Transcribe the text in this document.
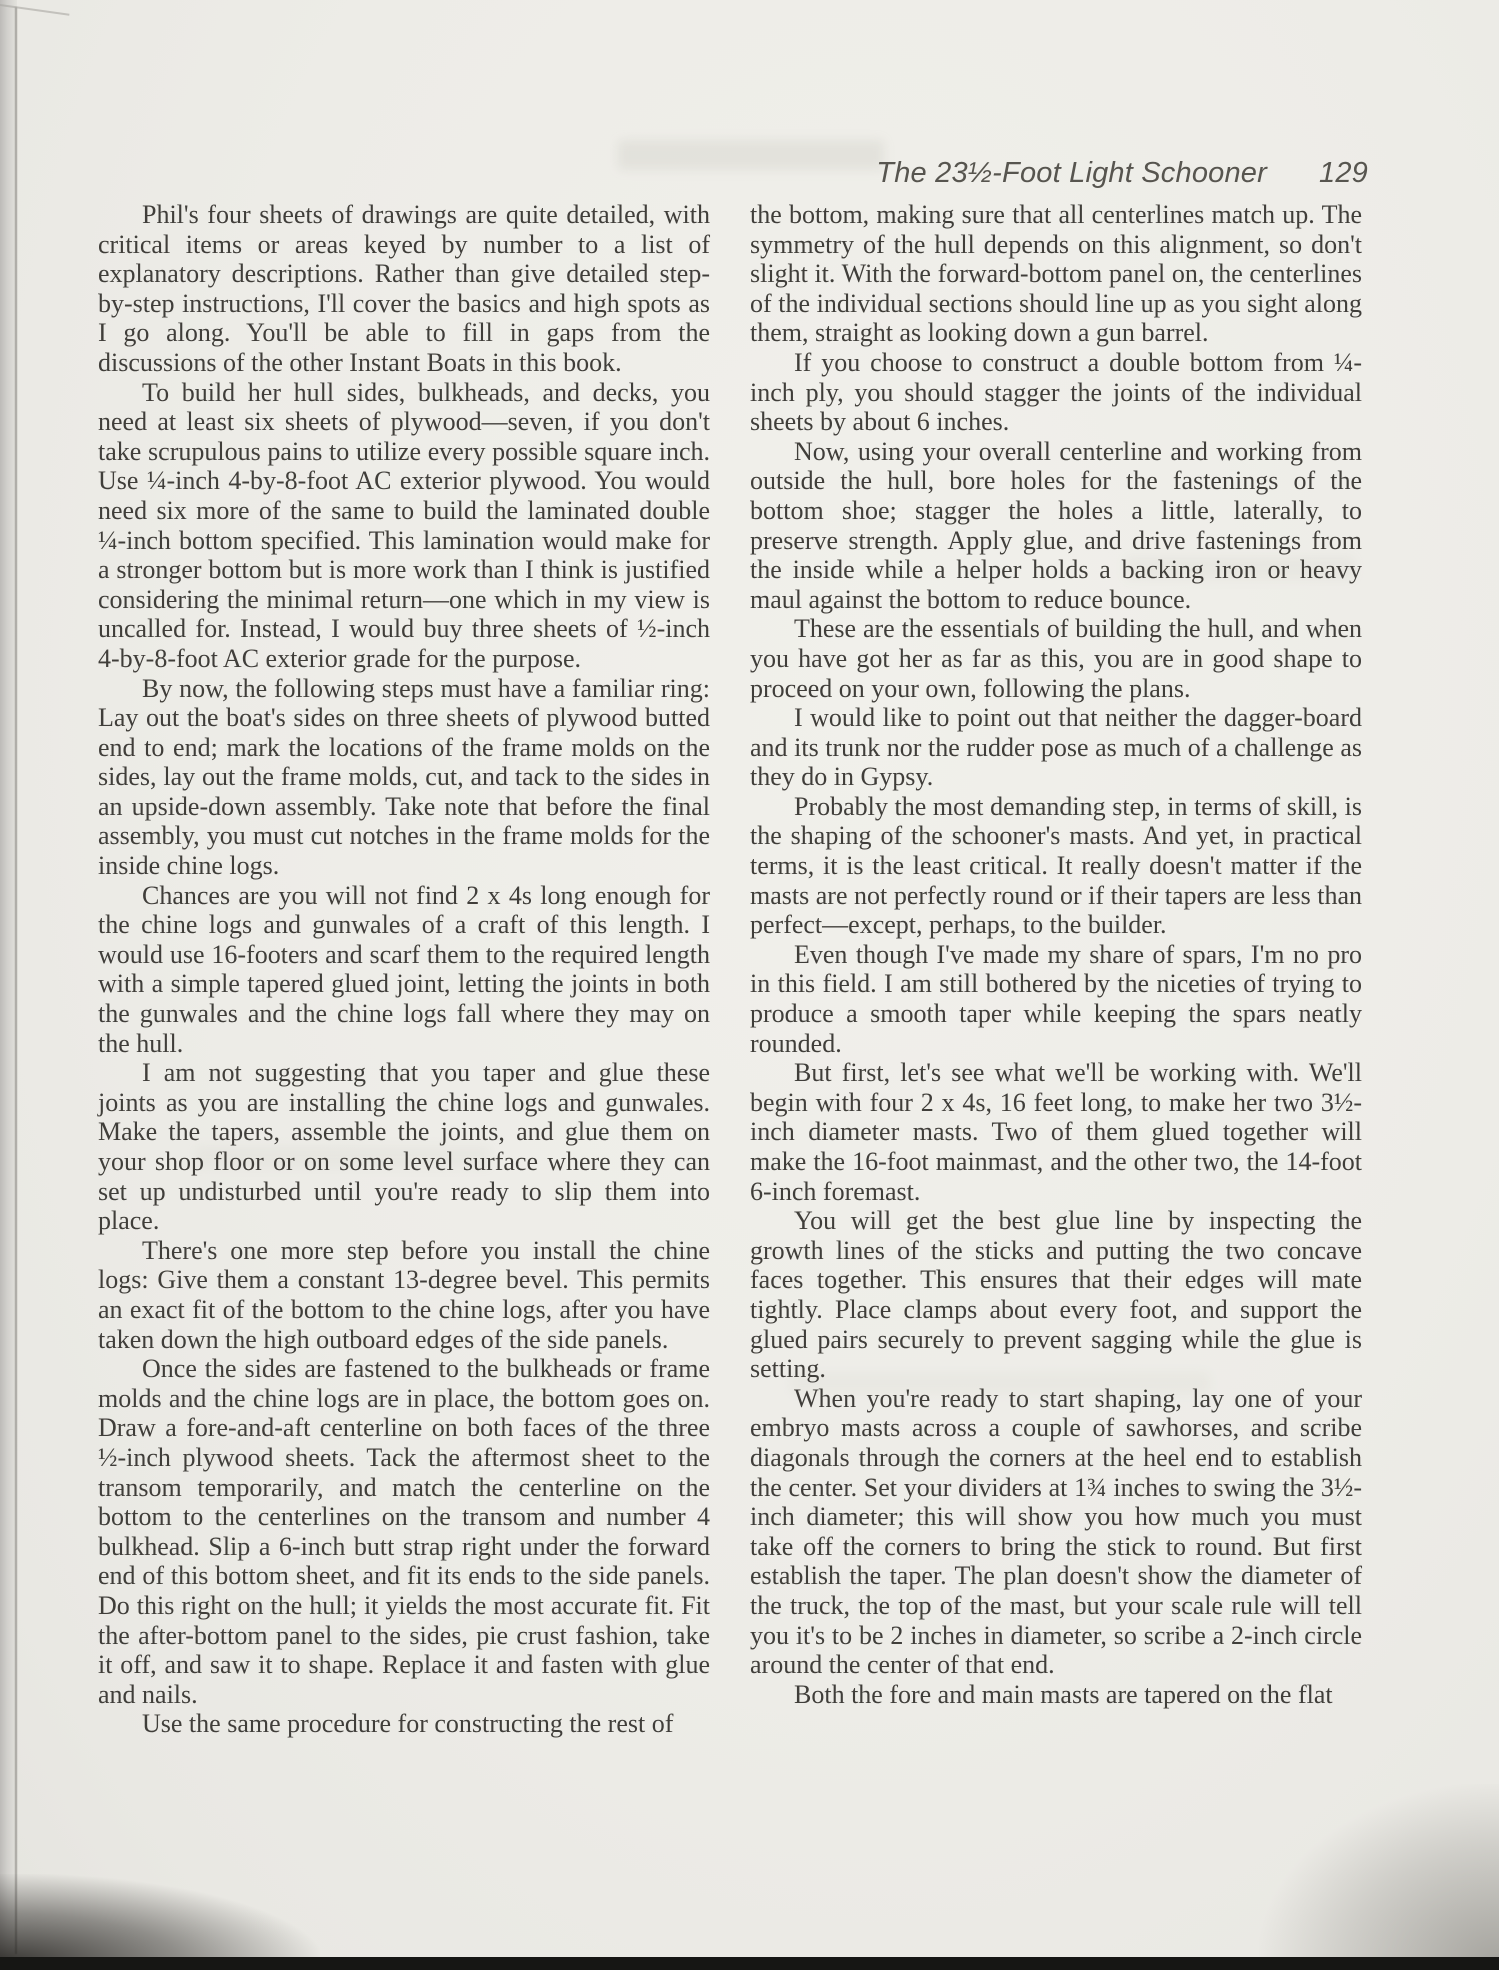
The 23½-Foot Light Schooner 129

Phil's four sheets of drawings are quite detailed, with critical items or areas keyed by number to a list of explanatory descriptions. Rather than give detailed step-by-step instructions, I'll cover the basics and high spots as I go along. You'll be able to fill in gaps from the discussions of the other Instant Boats in this book.

To build her hull sides, bulkheads, and decks, you need at least six sheets of plywood—seven, if you don't take scrupulous pains to utilize every possible square inch. Use ¼-inch 4-by-8-foot AC exterior plywood. You would need six more of the same to build the laminated double ¼-inch bottom specified. This lamination would make for a stronger bottom but is more work than I think is justified considering the minimal return—one which in my view is uncalled for. Instead, I would buy three sheets of ½-inch 4-by-8-foot AC exterior grade for the purpose.

By now, the following steps must have a familiar ring: Lay out the boat's sides on three sheets of plywood butted end to end; mark the locations of the frame molds on the sides, lay out the frame molds, cut, and tack to the sides in an upside-down assembly. Take note that before the final assembly, you must cut notches in the frame molds for the inside chine logs.

Chances are you will not find 2 x 4s long enough for the chine logs and gunwales of a craft of this length. I would use 16-footers and scarf them to the required length with a simple tapered glued joint, letting the joints in both the gunwales and the chine logs fall where they may on the hull.

I am not suggesting that you taper and glue these joints as you are installing the chine logs and gunwales. Make the tapers, assemble the joints, and glue them on your shop floor or on some level surface where they can set up undisturbed until you're ready to slip them into place.

There's one more step before you install the chine logs: Give them a constant 13-degree bevel. This permits an exact fit of the bottom to the chine logs, after you have taken down the high outboard edges of the side panels.

Once the sides are fastened to the bulkheads or frame molds and the chine logs are in place, the bottom goes on. Draw a fore-and-aft centerline on both faces of the three ½-inch plywood sheets. Tack the aftermost sheet to the transom temporarily, and match the centerline on the bottom to the centerlines on the transom and number 4 bulkhead. Slip a 6-inch butt strap right under the forward end of this bottom sheet, and fit its ends to the side panels. Do this right on the hull; it yields the most accurate fit. Fit the after-bottom panel to the sides, pie crust fashion, take it off, and saw it to shape. Replace it and fasten with glue and nails.

Use the same procedure for constructing the rest of

the bottom, making sure that all centerlines match up. The symmetry of the hull depends on this alignment, so don't slight it. With the forward-bottom panel on, the centerlines of the individual sections should line up as you sight along them, straight as looking down a gun barrel.

If you choose to construct a double bottom from ¼-inch ply, you should stagger the joints of the individual sheets by about 6 inches.

Now, using your overall centerline and working from outside the hull, bore holes for the fastenings of the bottom shoe; stagger the holes a little, laterally, to preserve strength. Apply glue, and drive fastenings from the inside while a helper holds a backing iron or heavy maul against the bottom to reduce bounce.

These are the essentials of building the hull, and when you have got her as far as this, you are in good shape to proceed on your own, following the plans.

I would like to point out that neither the dagger-board and its trunk nor the rudder pose as much of a challenge as they do in Gypsy.

Probably the most demanding step, in terms of skill, is the shaping of the schooner's masts. And yet, in practical terms, it is the least critical. It really doesn't matter if the masts are not perfectly round or if their tapers are less than perfect—except, perhaps, to the builder.

Even though I've made my share of spars, I'm no pro in this field. I am still bothered by the niceties of trying to produce a smooth taper while keeping the spars neatly rounded.

But first, let's see what we'll be working with. We'll begin with four 2 x 4s, 16 feet long, to make her two 3½-inch diameter masts. Two of them glued together will make the 16-foot mainmast, and the other two, the 14-foot 6-inch foremast.

You will get the best glue line by inspecting the growth lines of the sticks and putting the two concave faces together. This ensures that their edges will mate tightly. Place clamps about every foot, and support the glued pairs securely to prevent sagging while the glue is setting.

When you're ready to start shaping, lay one of your embryo masts across a couple of sawhorses, and scribe diagonals through the corners at the heel end to establish the center. Set your dividers at 1¾ inches to swing the 3½-inch diameter; this will show you how much you must take off the corners to bring the stick to round. But first establish the taper. The plan doesn't show the diameter of the truck, the top of the mast, but your scale rule will tell you it's to be 2 inches in diameter, so scribe a 2-inch circle around the center of that end.

Both the fore and main masts are tapered on the flat
